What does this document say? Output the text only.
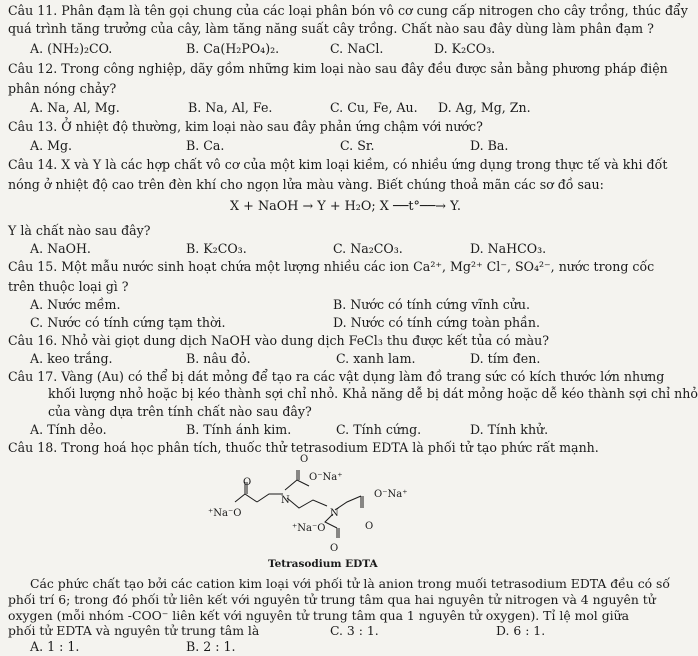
Câu 11. Phân đạm là tên gọi chung của các loại phân bón vô cơ cung cấp nitrogen cho cây trồng, thúc đẩy
quá trình tăng trưởng của cây, làm tăng năng suất cây trồng. Chất nào sau đây dùng làm phân đạm ?
A. (NH₂)₂CO.	B. Ca(H₂PO₄)₂.	C. NaCl.	D. K₂CO₃.
Câu 12. Trong công nghiệp, dãy gồm những kim loại nào sau đây đều được sản bằng phương pháp điện
phân nóng chảy?
A. Na, Al, Mg.	B. Na, Al, Fe.	C. Cu, Fe, Au. D. Ag, Mg, Zn.
Câu 13. Ở nhiệt độ thường, kim loại nào sau đây phản ứng chậm với nước?
A. Mg.	B. Ca.	C. Sr.	D. Ba.
Câu 14. X và Y là các hợp chất vô cơ của một kim loại kiềm, có nhiều ứng dụng trong thực tế và khi đốt
nóng ở nhiệt độ cao trên đèn khí cho ngọn lửa màu vàng. Biết chúng thoả mãn các sơ đồ sau:
X + NaOH → Y + H₂O; X ──t°──→ Y.
Y là chất nào sau đây?
A. NaOH.	B. K₂CO₃.	C. Na₂CO₃.	D. NaHCO₃.
Câu 15. Một mẫu nước sinh hoạt chứa một lượng nhiều các ion Ca²⁺, Mg²⁺ Cl⁻, SO₄²⁻, nước trong cốc
trên thuộc loại gì ?
A. Nước mềm.	B. Nước có tính cứng vĩnh cửu.
C. Nước có tính cứng tạm thời.	D. Nước có tính cứng toàn phần.
Câu 16. Nhỏ vài giọt dung dịch NaOH vào dung dịch FeCl₃ thu được kết tủa có màu?
A. keo trắng.	B. nâu đỏ.	C. xanh lam.	D. tím đen.
Câu 17. Vàng (Au) có thể bị dát mỏng để tạo ra các vật dụng làm đồ trang sức có kích thước lớn nhưng
khối lượng nhỏ hoặc bị kéo thành sợi chỉ nhỏ. Khả năng dễ bị dát mỏng hoặc dễ kéo thành sợi chỉ nhỏ
của vàng dựa trên tính chất nào sau đây?
A. Tính dẻo.	B. Tính ánh kim.	C. Tính cứng.	D. Tính khử.
Câu 18. Trong hoá học phân tích, thuốc thử tetrasodium EDTA là phối tử tạo phức rất mạnh.
O
O⁻Na⁺
O
N
O⁻Na⁺
⁺Na⁻O	N
⁺Na⁻O	O
O
Tetrasodium EDTA
Các phức chất tạo bởi các cation kim loại với phối tử là anion trong muối tetrasodium EDTA đều có số
phối trí 6; trong đó phối tử liên kết với nguyên tử trung tâm qua hai nguyên tử nitrogen và 4 nguyên tử
oxygen (mỗi nhóm -COO⁻ liên kết với nguyên tử trung tâm qua 1 nguyên tử oxygen). Tỉ lệ mol giữa
phối tử EDTA và nguyên tử trung tâm là	C. 3 : 1.	D. 6 : 1.
A. 1 : 1.	B. 2 : 1.
